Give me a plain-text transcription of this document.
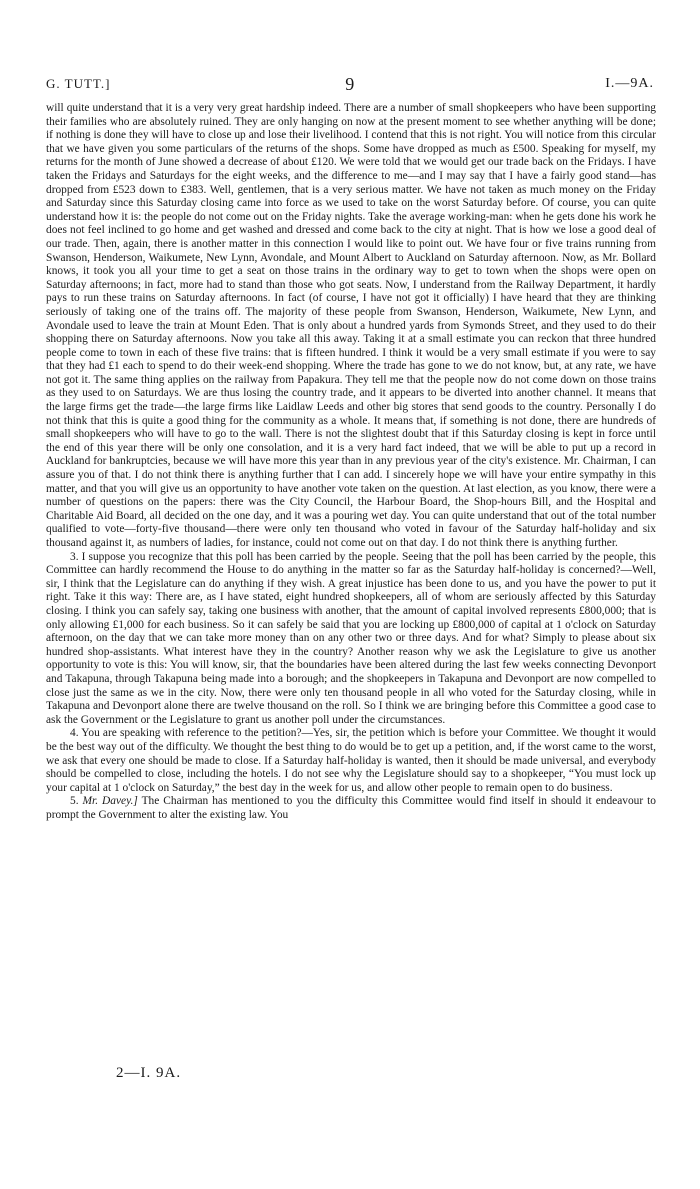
G. TUTT.]	9	I.—9A.

will quite understand that it is a very very great hardship indeed. There are a number of small shopkeepers who have been supporting their families who are absolutely ruined. They are only hanging on now at the present moment to see whether anything will be done; if nothing is done they will have to close up and lose their livelihood. I contend that this is not right. You will notice from this circular that we have given you some particulars of the returns of the shops. Some have dropped as much as £500. Speaking for myself, my returns for the month of June showed a decrease of about £120. We were told that we would get our trade back on the Fridays. I have taken the Fridays and Saturdays for the eight weeks, and the difference to me—and I may say that I have a fairly good stand—has dropped from £523 down to £383. Well, gentlemen, that is a very serious matter. We have not taken as much money on the Friday and Saturday since this Saturday closing came into force as we used to take on the worst Saturday before. Of course, you can quite understand how it is: the people do not come out on the Friday nights. Take the average working-man: when he gets done his work he does not feel inclined to go home and get washed and dressed and come back to the city at night. That is how we lose a good deal of our trade. Then, again, there is another matter in this connection I would like to point out. We have four or five trains running from Swanson, Henderson, Waikumete, New Lynn, Avondale, and Mount Albert to Auckland on Saturday afternoon. Now, as Mr. Bollard knows, it took you all your time to get a seat on those trains in the ordinary way to get to town when the shops were open on Saturday afternoons; in fact, more had to stand than those who got seats. Now, I understand from the Railway Department, it hardly pays to run these trains on Saturday afternoons. In fact (of course, I have not got it officially) I have heard that they are thinking seriously of taking one of the trains off. The majority of these people from Swanson, Henderson, Waikumete, New Lynn, and Avondale used to leave the train at Mount Eden. That is only about a hundred yards from Symonds Street, and they used to do their shopping there on Saturday afternoons. Now you take all this away. Taking it at a small estimate you can reckon that three hundred people come to town in each of these five trains: that is fifteen hundred. I think it would be a very small estimate if you were to say that they had £1 each to spend to do their week-end shopping. Where the trade has gone to we do not know, but, at any rate, we have not got it. The same thing applies on the railway from Papakura. They tell me that the people now do not come down on those trains as they used to on Saturdays. We are thus losing the country trade, and it appears to be diverted into another channel. It means that the large firms get the trade—the large firms like Laidlaw Leeds and other big stores that send goods to the country. Personally I do not think that this is quite a good thing for the community as a whole. It means that, if something is not done, there are hundreds of small shopkeepers who will have to go to the wall. There is not the slightest doubt that if this Saturday closing is kept in force until the end of this year there will be only one consolation, and it is a very hard fact indeed, that we will be able to put up a record in Auckland for bankruptcies, because we will have more this year than in any previous year of the city's existence. Mr. Chairman, I can assure you of that. I do not think there is anything further that I can add. I sincerely hope we will have your entire sympathy in this matter, and that you will give us an opportunity to have another vote taken on the question. At last election, as you know, there were a number of questions on the papers: there was the City Council, the Harbour Board, the Shop-hours Bill, and the Hospital and Charitable Aid Board, all decided on the one day, and it was a pouring wet day. You can quite understand that out of the total number qualified to vote—forty-five thousand—there were only ten thousand who voted in favour of the Saturday half-holiday and six thousand against it, as numbers of ladies, for instance, could not come out on that day. I do not think there is anything further.

3. I suppose you recognize that this poll has been carried by the people. Seeing that the poll has been carried by the people, this Committee can hardly recommend the House to do anything in the matter so far as the Saturday half-holiday is concerned?—Well, sir, I think that the Legislature can do anything if they wish. A great injustice has been done to us, and you have the power to put it right. Take it this way: There are, as I have stated, eight hundred shopkeepers, all of whom are seriously affected by this Saturday closing. I think you can safely say, taking one business with another, that the amount of capital involved represents £800,000; that is only allowing £1,000 for each business. So it can safely be said that you are locking up £800,000 of capital at 1 o'clock on Saturday afternoon, on the day that we can take more money than on any other two or three days. And for what? Simply to please about six hundred shop-assistants. What interest have they in the country? Another reason why we ask the Legislature to give us another opportunity to vote is this: You will know, sir, that the boundaries have been altered during the last few weeks connecting Devonport and Takapuna, through Takapuna being made into a borough; and the shopkeepers in Takapuna and Devonport are now compelled to close just the same as we in the city. Now, there were only ten thousand people in all who voted for the Saturday closing, while in Takapuna and Devonport alone there are twelve thousand on the roll. So I think we are bringing before this Committee a good case to ask the Government or the Legislature to grant us another poll under the circumstances.

4. You are speaking with reference to the petition?—Yes, sir, the petition which is before your Committee. We thought it would be the best way out of the difficulty. We thought the best thing to do would be to get up a petition, and, if the worst came to the worst, we ask that every one should be made to close. If a Saturday half-holiday is wanted, then it should be made universal, and everybody should be compelled to close, including the hotels. I do not see why the Legislature should say to a shopkeeper, “You must lock up your capital at 1 o'clock on Saturday,” the best day in the week for us, and allow other people to remain open to do business.

5. Mr. Davey.] The Chairman has mentioned to you the difficulty this Committee would find itself in should it endeavour to prompt the Government to alter the existing law. You

2—I. 9A.
